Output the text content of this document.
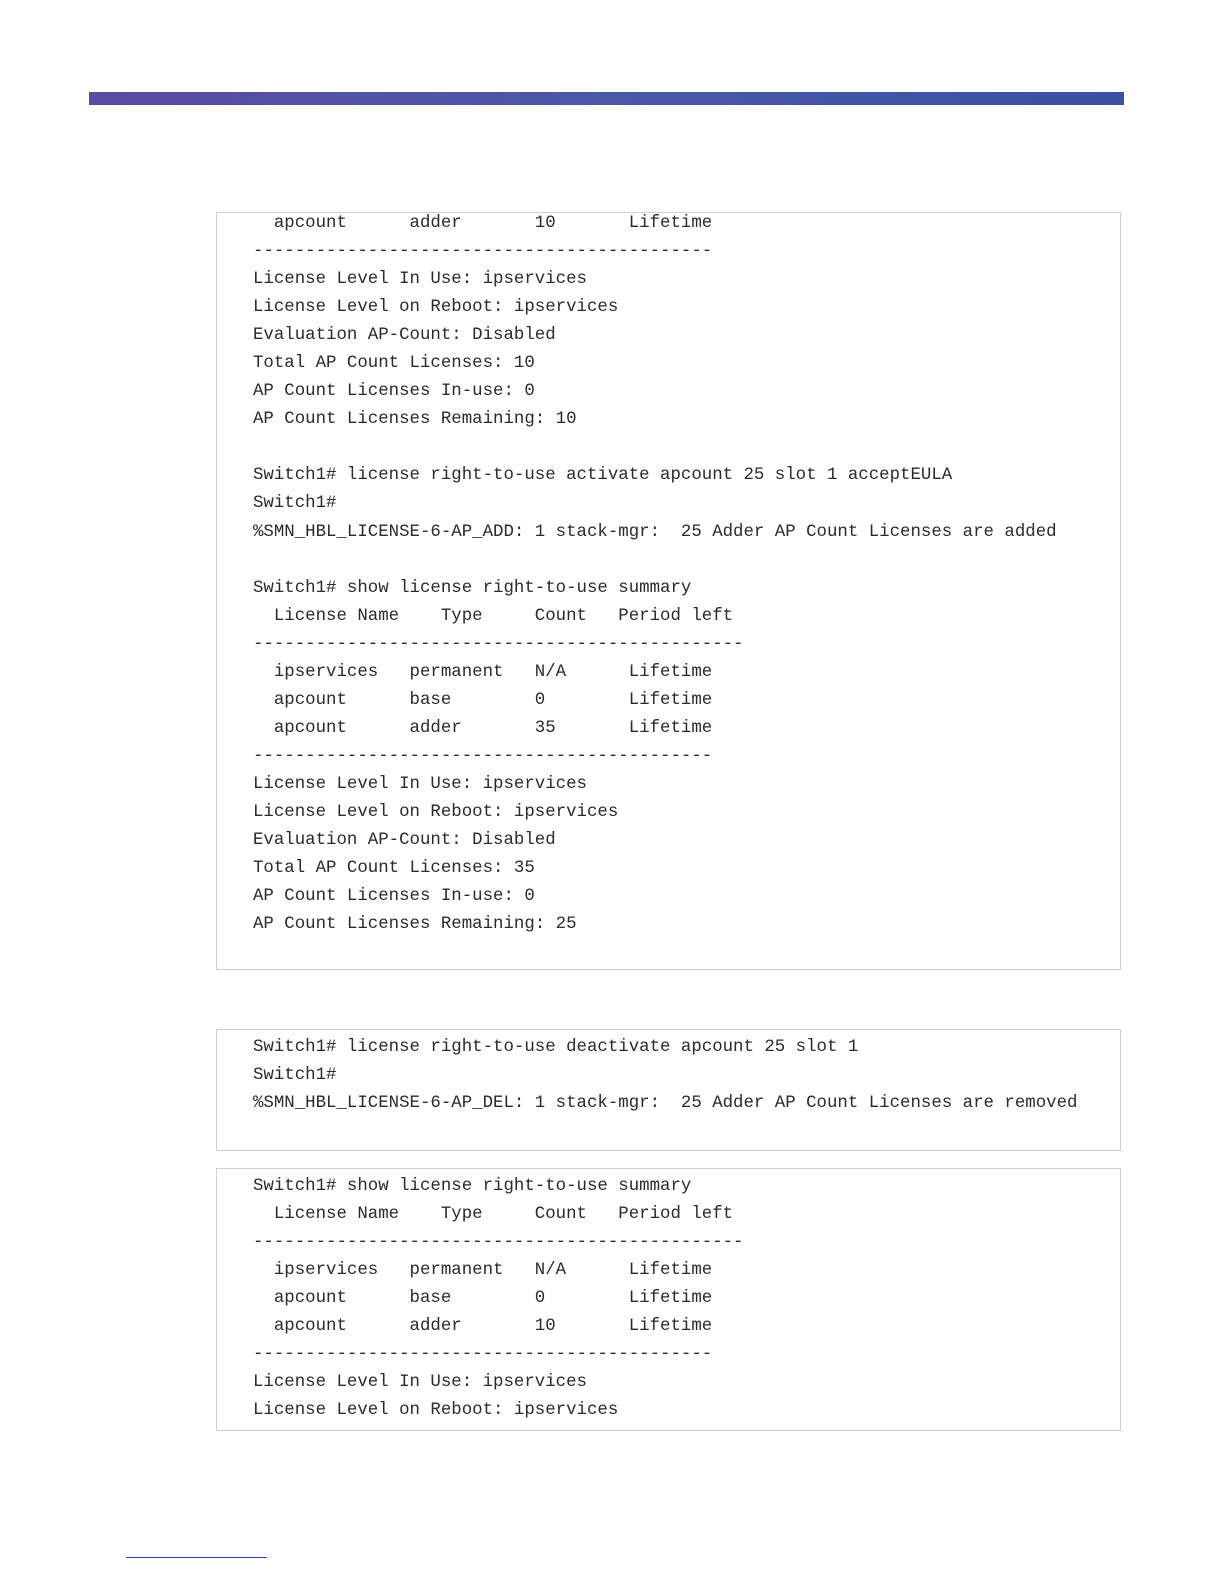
apcount      adder       10       Lifetime
--------------------------------------------
License Level In Use: ipservices
License Level on Reboot: ipservices
Evaluation AP-Count: Disabled
Total AP Count Licenses: 10
AP Count Licenses In-use: 0
AP Count Licenses Remaining: 10

Switch1# license right-to-use activate apcount 25 slot 1 acceptEULA
Switch1#
%SMN_HBL_LICENSE-6-AP_ADD: 1 stack-mgr:  25 Adder AP Count Licenses are added

Switch1# show license right-to-use summary
License Name    Type     Count   Period left
-----------------------------------------------
ipservices   permanent   N/A      Lifetime
apcount      base        0        Lifetime
apcount      adder       35       Lifetime
--------------------------------------------
License Level In Use: ipservices
License Level on Reboot: ipservices
Evaluation AP-Count: Disabled
Total AP Count Licenses: 35
AP Count Licenses In-use: 0
AP Count Licenses Remaining: 25
Switch1# license right-to-use deactivate apcount 25 slot 1
Switch1#
%SMN_HBL_LICENSE-6-AP_DEL: 1 stack-mgr:  25 Adder AP Count Licenses are removed
Switch1# show license right-to-use summary
License Name    Type     Count   Period left
-----------------------------------------------
ipservices   permanent   N/A      Lifetime
apcount      base        0        Lifetime
apcount      adder       10       Lifetime
--------------------------------------------
License Level In Use: ipservices
License Level on Reboot: ipservices
